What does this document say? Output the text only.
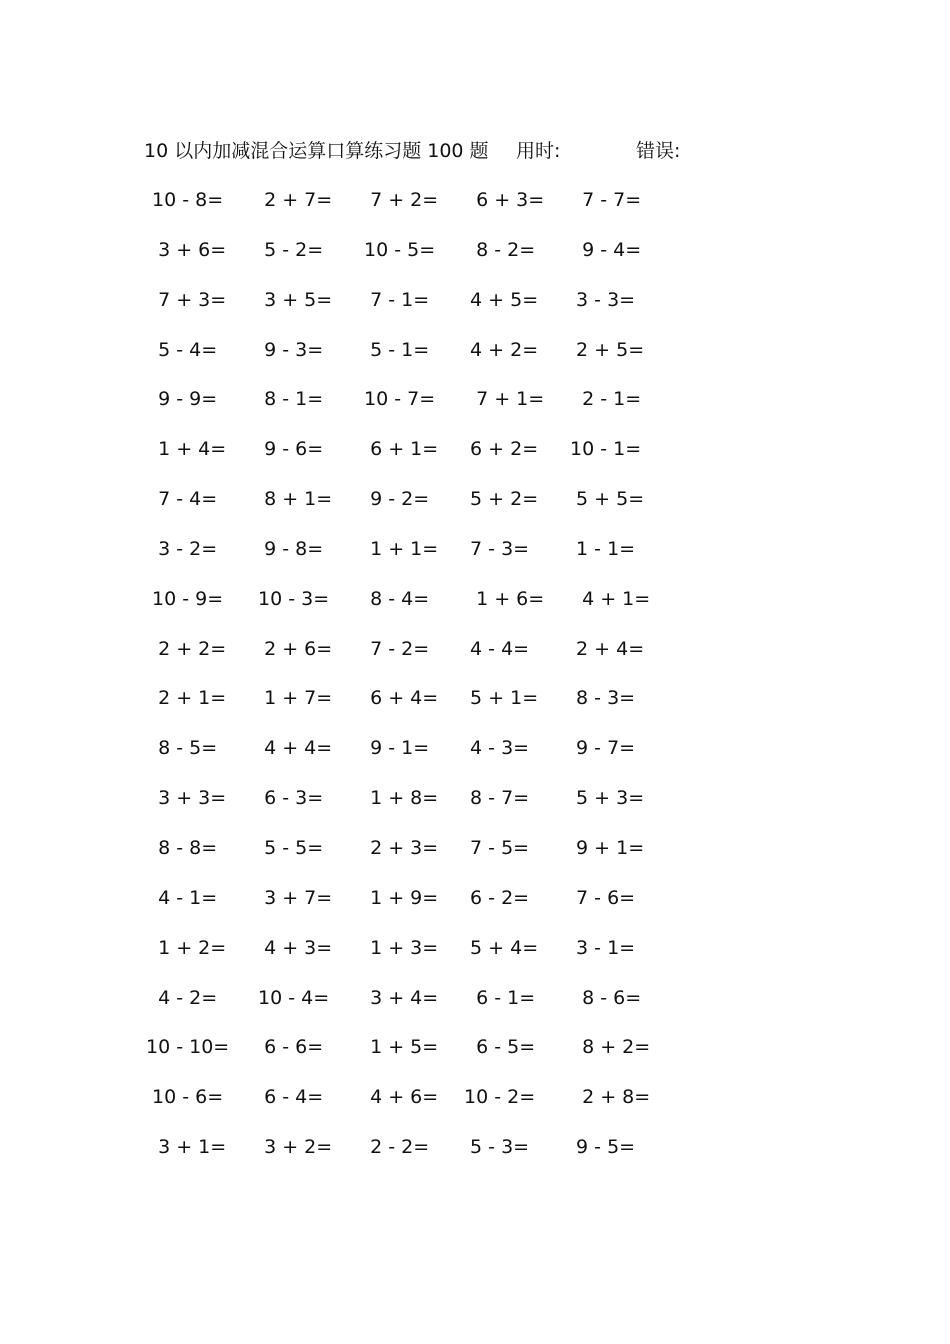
10 以内加减混合运算口算练习题 100 题 用时:	错误:
10 - 8=	2 + 7=	7 + 2=	6 + 3=	7 - 7=
3 + 6=	5 - 2=	10 - 5=	8 - 2=	9 - 4=
7 + 3=	3 + 5=	7 - 1=	4 + 5=	3 - 3=
5 - 4=	9 - 3=	5 - 1=	4 + 2=	2 + 5=
9 - 9=	8 - 1=	10 - 7=	7 + 1=	2 - 1=
1 + 4=	9 - 6=	6 + 1=	6 + 2=	10 - 1=
7 - 4=	8 + 1=	9 - 2=	5 + 2=	5 + 5=
3 - 2=	9 - 8=	1 + 1=	7 - 3=	1 - 1=
10 - 9=	10 - 3=	8 - 4=	1 + 6=	4 + 1=
2 + 2=	2 + 6=	7 - 2=	4 - 4=	2 + 4=
2 + 1=	1 + 7=	6 + 4=	5 + 1=	8 - 3=
8 - 5=	4 + 4=	9 - 1=	4 - 3=	9 - 7=
3 + 3=	6 - 3=	1 + 8=	8 - 7=	5 + 3=
8 - 8=	5 - 5=	2 + 3=	7 - 5=	9 + 1=
4 - 1=	3 + 7=	1 + 9=	6 - 2=	7 - 6=
1 + 2=	4 + 3=	1 + 3=	5 + 4=	3 - 1=
4 - 2=	10 - 4=	3 + 4=	6 - 1=	8 - 6=
10 - 10=	6 - 6=	1 + 5=	6 - 5=	8 + 2=
10 - 6=	6 - 4=	4 + 6=	10 - 2=	2 + 8=
3 + 1=	3 + 2=	2 - 2=	5 - 3=	9 - 5=
